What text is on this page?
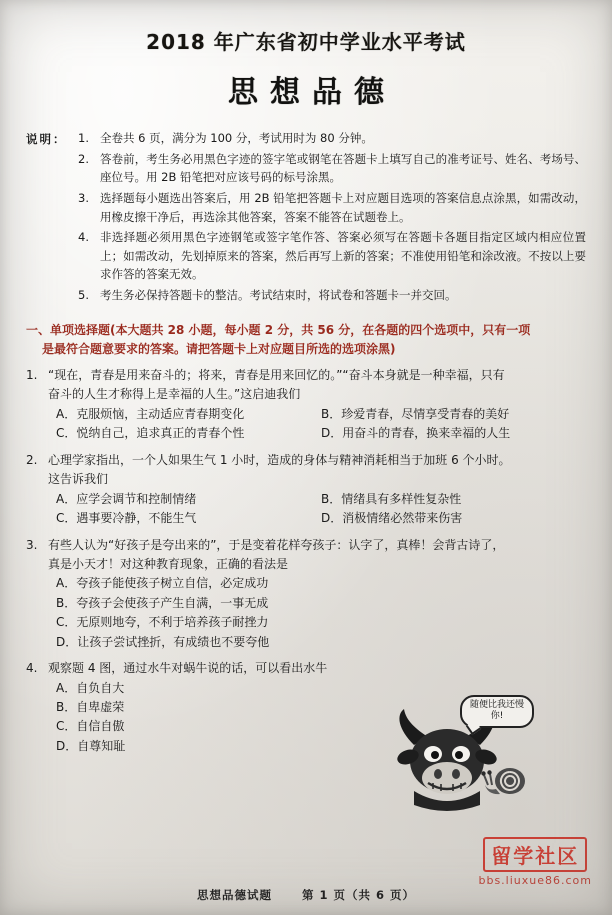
2018 年广东省初中学业水平考试
思想品德
说明：	1. 全卷共 6 页，满分为 100 分，考试用时为 80 分钟。
2. 答卷前，考生务必用黑色字迹的签字笔或钢笔在答题卡上填写自己的准考证号、姓名、考场号、座位号。用 2B 铅笔把对应该号码的标号涂黑。
3. 选择题每小题选出答案后，用 2B 铅笔把答题卡上对应题目选项的答案信息点涂黑，如需改动，用橡皮擦干净后，再选涂其他答案，答案不能答在试题卷上。
4. 非选择题必须用黑色字迹钢笔或签字笔作答、答案必须写在答题卡各题目指定区域内相应位置上；如需改动，先划掉原来的答案，然后再写上新的答案；不准使用铅笔和涂改液。不按以上要求作答的答案无效。
5. 考生务必保持答题卡的整洁。考试结束时，将试卷和答题卡一并交回。
一、单项选择题(本大题共 28 小题，每小题 2 分，共 56 分，在各题的四个选项中，只有一项
是最符合题意要求的答案。请把答题卡上对应题目所选的选项涂黑)
1. “现在，青春是用来奋斗的；将来，青春是用来回忆的。”“奋斗本身就是一种幸福，只有
奋斗的人生才称得上是幸福的人生。”这启迪我们
A．克服烦恼，主动适应青春期变化	B．珍爱青春，尽情享受青春的美好
C．悦纳自己，追求真正的青春个性	D．用奋斗的青春，换来幸福的人生
2. 心理学家指出，一个人如果生气 1 小时，造成的身体与精神消耗相当于加班 6 个小时。
这告诉我们
A．应学会调节和控制情绪	B．情绪具有多样性复杂性
C．遇事要冷静，不能生气	D．消极情绪必然带来伤害
3. 有些人认为“好孩子是夸出来的”，于是变着花样夸孩子：认字了，真棒！会背古诗了，
真是小天才！对这种教育现象，正确的看法是
A．夸孩子能使孩子树立自信，必定成功
B．夸孩子会使孩子产生自满，一事无成
C．无原则地夸，不利于培养孩子耐挫力
D．让孩子尝试挫折，有成绩也不要夸他
4. 观察题 4 图，通过水牛对蜗牛说的话，可以看出水牛
A．自负自大
B．自卑虚荣
C．自信自傲
D．自尊知耻
随便比我还慢你!
留学社区
bbs.liuxue86.com
思想品德试题	第 1 页（共 6 页）
